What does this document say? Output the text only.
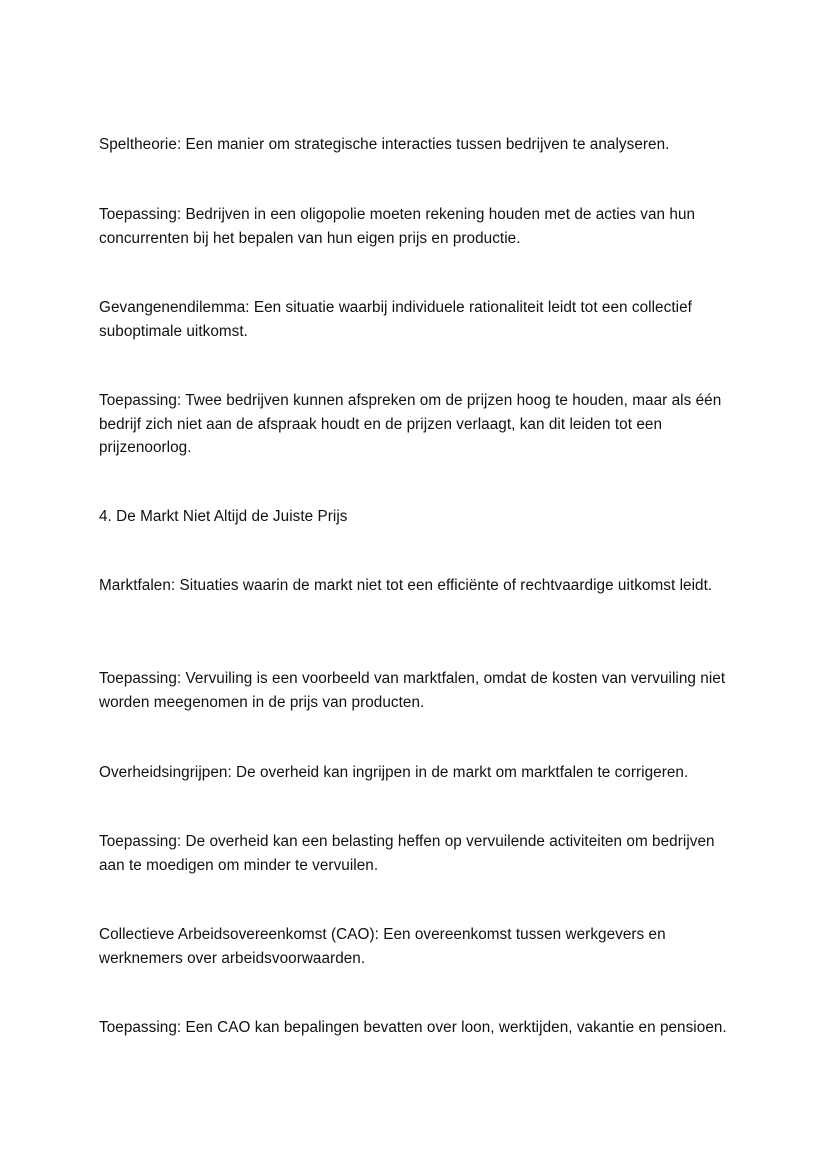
Speltheorie: Een manier om strategische interacties tussen bedrijven te analyseren.

Toepassing: Bedrijven in een oligopolie moeten rekening houden met de acties van hun concurrenten bij het bepalen van hun eigen prijs en productie.

Gevangenendilemma: Een situatie waarbij individuele rationaliteit leidt tot een collectief suboptimale uitkomst.

Toepassing: Twee bedrijven kunnen afspreken om de prijzen hoog te houden, maar als één bedrijf zich niet aan de afspraak houdt en de prijzen verlaagt, kan dit leiden tot een prijzenoorlog.

4. De Markt Niet Altijd de Juiste Prijs

Marktfalen: Situaties waarin de markt niet tot een efficiënte of rechtvaardige uitkomst leidt.

Toepassing: Vervuiling is een voorbeeld van marktfalen, omdat de kosten van vervuiling niet worden meegenomen in de prijs van producten.

Overheidsingrijpen: De overheid kan ingrijpen in de markt om marktfalen te corrigeren.

Toepassing: De overheid kan een belasting heffen op vervuilende activiteiten om bedrijven aan te moedigen om minder te vervuilen.

Collectieve Arbeidsovereenkomst (CAO): Een overeenkomst tussen werkgevers en werknemers over arbeidsvoorwaarden.

Toepassing: Een CAO kan bepalingen bevatten over loon, werktijden, vakantie en pensioen.
